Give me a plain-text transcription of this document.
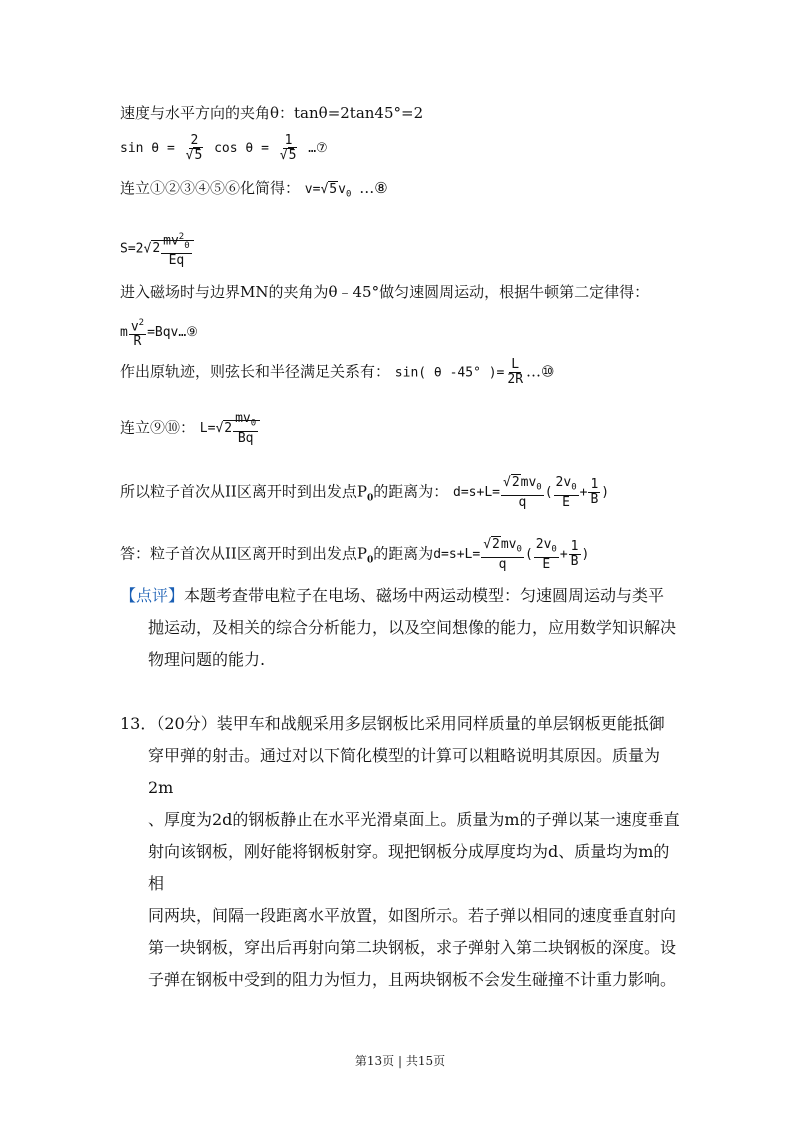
速度与水平方向的夹角θ：tanθ=2tan45°=2
$\sin \theta = \frac{2}{√5}$ $\cos \theta = \frac{1}{√5}$ …⑦
连立①②③④⑤⑥化简得： $v=√5v_0$ …⑧
$S=2√2 \frac{mv^2_0}{Eq}$
进入磁场时与边界MN的夹角为θ﹣45°做匀速圆周运动，根据牛顿第二定律得：
m $\frac{v^2}{R}$ =Bqv…⑨
作出原轨迹，则弦长和半径满足关系有： sin( θ -45° )= $\frac{L}{2R}$ …⑩
连立⑨⑩： $L=√2 \frac{mv_0}{Bq}$
所以粒子首次从II区离开时到出发点$P_0$的距离为： $d=s+L= \frac{√2mv_0}{q}$ ( $\frac{2v_0}{E} + \frac{1}{B}$ )
答：粒子首次从II区离开时到出发点$P_0$的距离为$d=s+L= \frac{√2mv_0}{q}$ ( $\frac{2v_0}{E} + \frac{1}{B}$ )
【点评】本题考查带电粒子在电场、磁场中两运动模型：匀速圆周运动与类平
抛运动，及相关的综合分析能力，以及空间想像的能力，应用数学知识解决
物理问题的能力.
13．（20分）装甲车和战舰采用多层钢板比采用同样质量的单层钢板更能抵御
穿甲弹的射击。通过对以下简化模型的计算可以粗略说明其原因。质量为2m
、厚度为2d的钢板静止在水平光滑桌面上。质量为m的子弹以某一速度垂直
射向该钢板，刚好能将钢板射穿。现把钢板分成厚度均为d、质量均为m的相
同两块，间隔一段距离水平放置，如图所示。若子弹以相同的速度垂直射向
第一块钢板，穿出后再射向第二块钢板，求子弹射入第二块钢板的深度。设
子弹在钢板中受到的阻力为恒力，且两块钢板不会发生碰撞不计重力影响。
第13页 | 共15页
